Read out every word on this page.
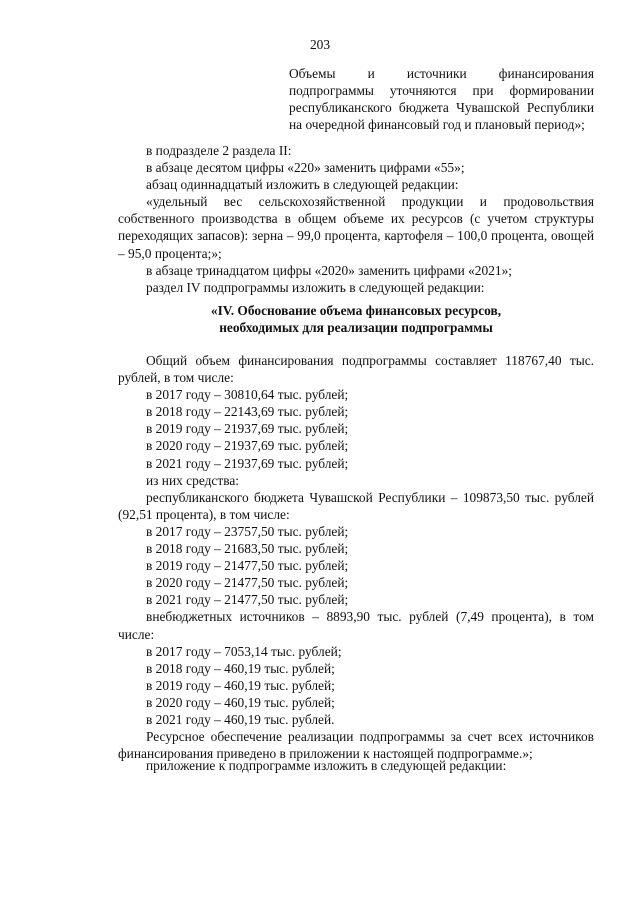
203
Объемы и источники финансирования подпрограммы уточняются при формировании республиканского бюджета Чувашской Республики на очередной финансовый год и плановый период»;

в подразделе 2 раздела II:

в абзаце десятом цифры «220» заменить цифрами «55»;

абзац одиннадцатый изложить в следующей редакции:

«удельный вес сельскохозяйственной продукции и продовольствия собственного производства в общем объеме их ресурсов (с учетом структуры переходящих запасов): зерна – 99,0 процента, картофеля – 100,0 процента, овощей – 95,0 процента;»;

в абзаце тринадцатом цифры «2020» заменить цифрами «2021»;

раздел IV подпрограммы изложить в следующей редакции:

«IV. Обоснование объема финансовых ресурсов,
необходимых для реализации подпрограммы

Общий объем финансирования подпрограммы составляет 118767,40 тыс. рублей, в том числе:

в 2017 году – 30810,64 тыс. рублей;

в 2018 году – 22143,69 тыс. рублей;

в 2019 году – 21937,69 тыс. рублей;

в 2020 году – 21937,69 тыс. рублей;

в 2021 году – 21937,69 тыс. рублей;

из них средства:

республиканского бюджета Чувашской Республики – 109873,50 тыс. рублей (92,51 процента), в том числе:

в 2017 году – 23757,50 тыс. рублей;

в 2018 году – 21683,50 тыс. рублей;

в 2019 году – 21477,50 тыс. рублей;

в 2020 году – 21477,50 тыс. рублей;

в 2021 году – 21477,50 тыс. рублей;

внебюджетных источников – 8893,90 тыс. рублей (7,49 процента), в том числе:

в 2017 году – 7053,14 тыс. рублей;

в 2018 году – 460,19 тыс. рублей;

в 2019 году – 460,19 тыс. рублей;

в 2020 году – 460,19 тыс. рублей;

в 2021 году – 460,19 тыс. рублей.

Ресурсное обеспечение реализации подпрограммы за счет всех источников финансирования приведено в приложении к настоящей подпрограмме.»;

приложение к подпрограмме изложить в следующей редакции:
